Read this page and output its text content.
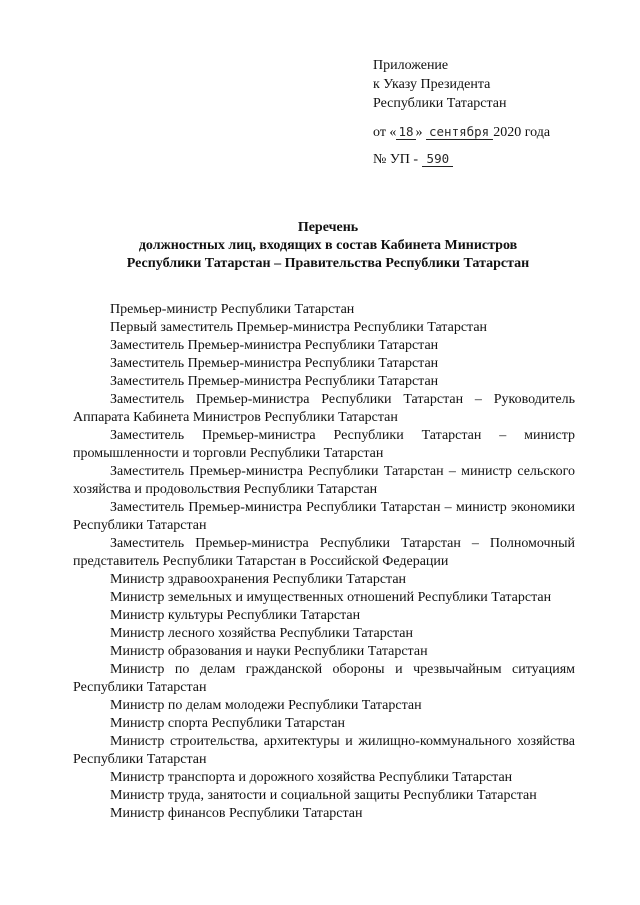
Приложение
к Указу Президента
Республики Татарстан
от « 18 » сентября 2020 года
№ УП - 590
Перечень
должностных лиц, входящих в состав Кабинета Министров
Республики Татарстан – Правительства Республики Татарстан
Премьер-министр Республики Татарстан
Первый заместитель Премьер-министра Республики Татарстан
Заместитель Премьер-министра Республики Татарстан
Заместитель Премьер-министра Республики Татарстан
Заместитель Премьер-министра Республики Татарстан
Заместитель Премьер-министра Республики Татарстан – Руководитель Аппарата Кабинета Министров Республики Татарстан
Заместитель Премьер-министра Республики Татарстан – министр промышленности и торговли Республики Татарстан
Заместитель Премьер-министра Республики Татарстан – министр сельского хозяйства и продовольствия Республики Татарстан
Заместитель Премьер-министра Республики Татарстан – министр экономики Республики Татарстан
Заместитель Премьер-министра Республики Татарстан – Полномочный представитель Республики Татарстан в Российской Федерации
Министр здравоохранения Республики Татарстан
Министр земельных и имущественных отношений Республики Татарстан
Министр культуры Республики Татарстан
Министр лесного хозяйства Республики Татарстан
Министр образования и науки Республики Татарстан
Министр по делам гражданской обороны и чрезвычайным ситуациям Республики Татарстан
Министр по делам молодежи Республики Татарстан
Министр спорта Республики Татарстан
Министр строительства, архитектуры и жилищно-коммунального хозяйства Республики Татарстан
Министр транспорта и дорожного хозяйства Республики Татарстан
Министр труда, занятости и социальной защиты Республики Татарстан
Министр финансов Республики Татарстан
